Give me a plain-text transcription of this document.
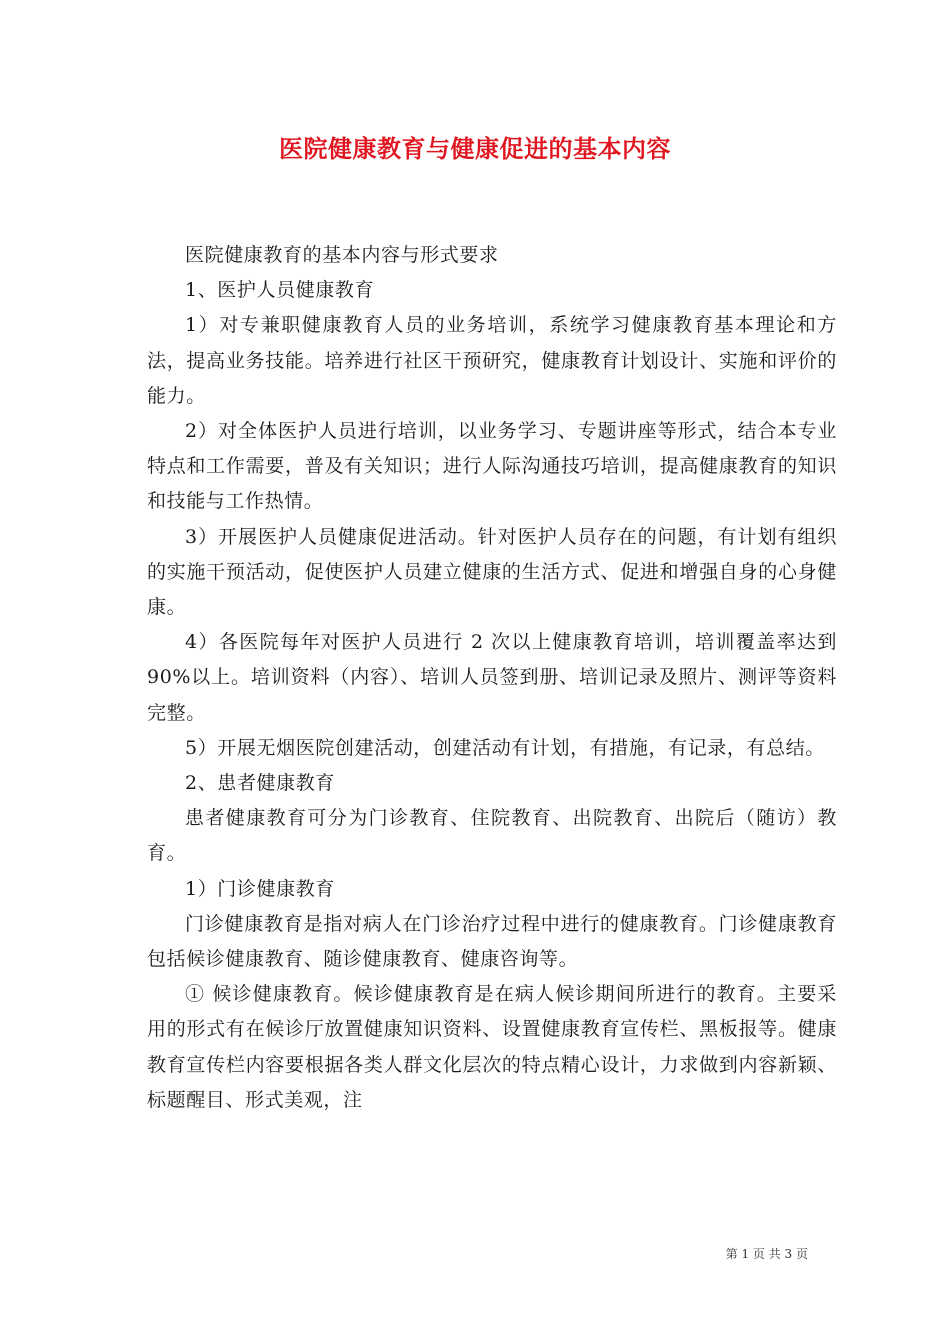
医院健康教育与健康促进的基本内容

医院健康教育的基本内容与形式要求

1、医护人员健康教育

1）对专兼职健康教育人员的业务培训，系统学习健康教育基本理论和方法，提高业务技能。培养进行社区干预研究，健康教育计划设计、实施和评价的能力。

2）对全体医护人员进行培训，以业务学习、专题讲座等形式，结合本专业特点和工作需要，普及有关知识；进行人际沟通技巧培训，提高健康教育的知识和技能与工作热情。

3）开展医护人员健康促进活动。针对医护人员存在的问题，有计划有组织的实施干预活动，促使医护人员建立健康的生活方式、促进和增强自身的心身健康。

4）各医院每年对医护人员进行 2 次以上健康教育培训，培训覆盖率达到 90%以上。培训资料（内容）、培训人员签到册、培训记录及照片、测评等资料完整。

5）开展无烟医院创建活动，创建活动有计划，有措施，有记录，有总结。

2、患者健康教育

患者健康教育可分为门诊教育、住院教育、出院教育、出院后（随访）教育。

1）门诊健康教育

门诊健康教育是指对病人在门诊治疗过程中进行的健康教育。门诊健康教育包括候诊健康教育、随诊健康教育、健康咨询等。

① 候诊健康教育。候诊健康教育是在病人候诊期间所进行的教育。主要采用的形式有在候诊厅放置健康知识资料、设置健康教育宣传栏、黑板报等。健康教育宣传栏内容要根据各类人群文化层次的特点精心设计，力求做到内容新颖、标题醒目、形式美观，注

第 1 页 共 3 页
